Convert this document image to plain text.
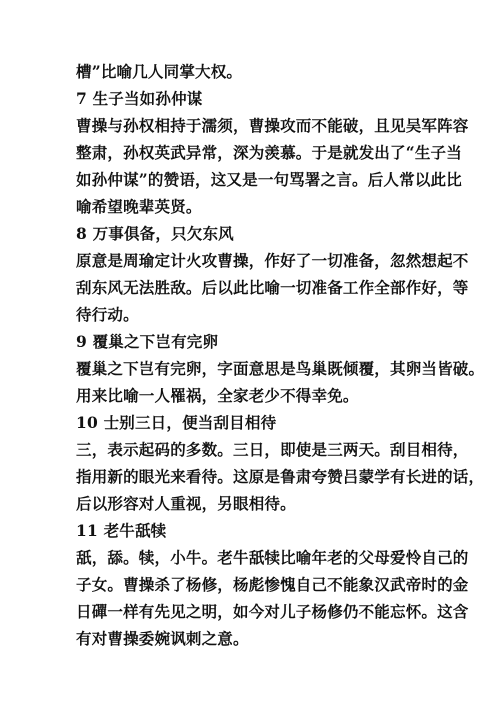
槽”比喻几人同掌大权。
7 生子当如孙仲谋
曹操与孙权相持于濡须，曹操攻而不能破，且见吴军阵容
整肃，孙权英武异常，深为羡慕。于是就发出了“生子当
如孙仲谋”的赞语，这又是一句骂署之言。后人常以此比
喻希望晚辈英贤。
8 万事俱备，只欠东风
原意是周瑜定计火攻曹操，作好了一切准备，忽然想起不
刮东风无法胜敌。后以此比喻一切准备工作全部作好，等
待行动。
9 覆巢之下岂有完卵
覆巢之下岂有完卵，字面意思是鸟巢既倾覆，其卵当皆破。
用来比喻一人罹祸，全家老少不得幸免。
10 士别三日，便当刮目相待
三，表示起码的多数。三日，即使是三两天。刮目相待，
指用新的眼光来看待。这原是鲁肃夸赞吕蒙学有长进的话，
后以形容对人重视，另眼相待。
11 老牛舐犊
舐，舔。犊，小牛。老牛舐犊比喻年老的父母爱怜自己的
子女。曹操杀了杨修，杨彪惨愧自己不能象汉武帝时的金
日磾一样有先见之明，如今对儿子杨修仍不能忘怀。这含
有对曹操委婉讽刺之意。
